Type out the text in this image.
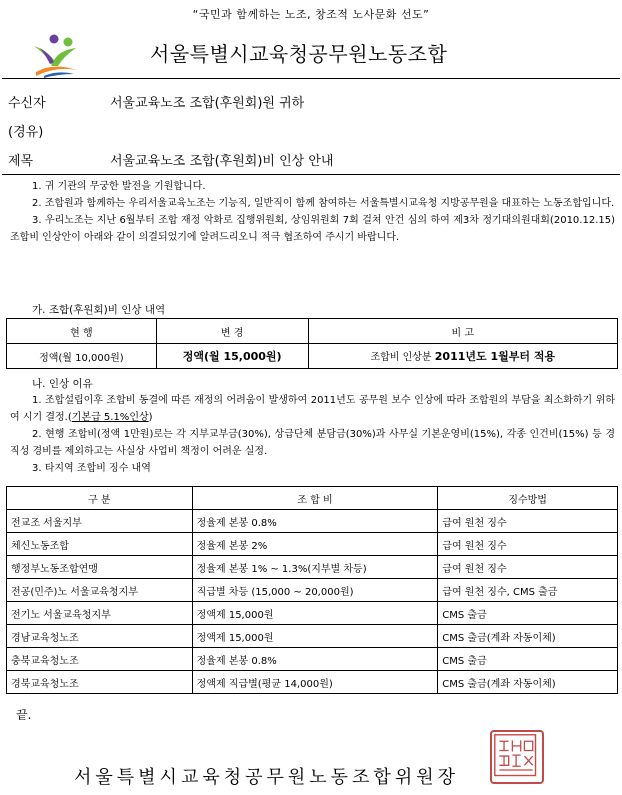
“국민과 함께하는 노조, 창조적 노사문화 선도”
서울특별시교육청공무원노동조합
수신자	서울교육노조 조합(후원회)원 귀하
(경유)
제목	서울교육노조 조합(후원회)비 인상 안내

1. 귀 기관의 무궁한 발전을 기원합니다.

2. 조합원과 함께하는 우리서울교육노조는 기능직, 일반직이 함께 참여하는 서울특별시교육청 지방공무원을 대표하는 노동조합입니다.

3. 우리노조는 지난 6월부터 조합 재정 악화로 집행위원회, 상임위원회 7회 걸쳐 안건 심의 하여 제3차 정기대의원대회(2010.12.15) 조합비 인상안이 아래와 같이 의결되었기에 알려드리오니 적극 협조하여 주시기 바랍니다.

가. 조합(후원회)비 인상 내역
현 행	변 경	비 고
정액(월 10,000원)	정액(월 15,000원)	조합비 인상분 2011년도 1월부터 적용
나. 인상 이유

1. 조합설립이후 조합비 동결에 따른 재정의 어려움이 발생하여 2011년도 공무원 보수 인상에 따라 조합원의 부담을 최소화하기 위하여 시기 결정.(기본급 5.1%인상)

2. 현행 조합비(정액 1만원)로는 각 지부교부금(30%), 상급단체 분담금(30%)과 사무실 기본운영비(15%), 각종 인건비(15%) 등 경직성 경비를 제외하고는 사실상 사업비 책정이 어려운 실정.

3. 타지역 조합비 징수 내역

구 분	조 합 비	징수방법
전교조 서울지부	정율제 본봉 0.8%	급여 원천 징수
체신노동조합	정율제 본봉 2%	급여 원천 징수
행정부노동조합연맹	정율제 본봉 1% ~ 1.3%(지부별 차등)	급여 원천 징수
전공(민주)노 서울교육청지부	직급별 차등 (15,000 ~ 20,000원)	급여 원천 징수, CMS 출금
전기노 서울교육청지부	정액제 15,000원	CMS 출금
경남교육청노조	정액제 15,000원	CMS 출금(계좌 자동이체)
충북교육청노조	정율제 본봉 0.8%	CMS 출금
경북교육청노조	정액제 직급별(평균 14,000원)	CMS 출금(계좌 자동이체)
끝.
서울특별시교육청공무원노동조합위원장
